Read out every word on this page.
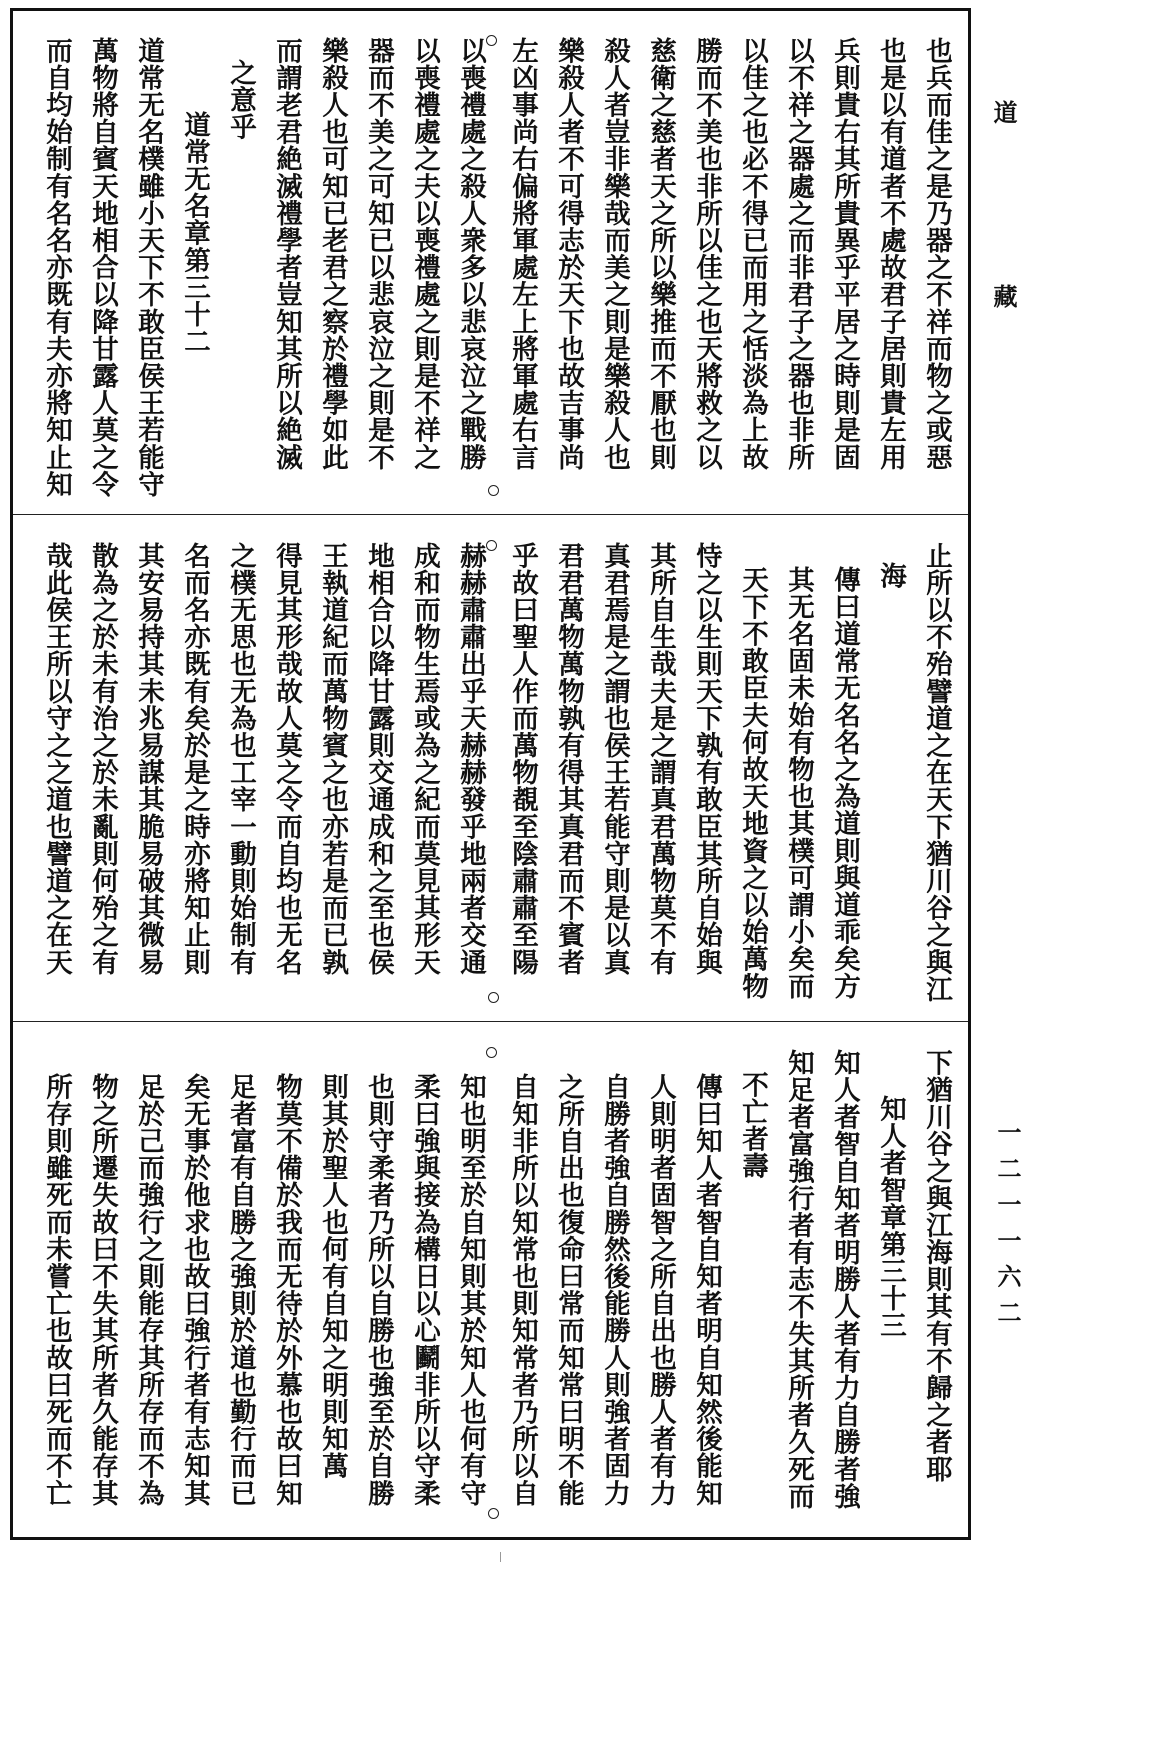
也兵而佳之是乃器之不祥而物之或惡
也是以有道者不處故君子居則貴左用
兵則貴右其所貴異乎平居之時則是固
以不祥之器處之而非君子之器也非所
以佳之也必不得已而用之恬淡為上故
勝而不美也非所以佳之也天將救之以
慈衛之慈者天之所以樂推而不厭也則
殺人者豈非樂哉而美之則是樂殺人也
樂殺人者不可得志於天下也故吉事尚
左凶事尚右偏將軍處左上將軍處右言
以喪禮處之殺人衆多以悲哀泣之戰勝
以喪禮處之夫以喪禮處之則是不祥之
器而不美之可知已以悲哀泣之則是不
樂殺人也可知已老君之察於禮學如此
而謂老君絶滅禮學者豈知其所以絶滅
之意乎
道常无名章第三十二
道常无名樸雖小天下不敢臣侯王若能守
萬物將自賓天地相合以降甘露人莫之令
而自均始制有名名亦既有夫亦將知止知
止所以不殆譬道之在天下猶川谷之與江
海
傳曰道常无名名之為道則與道乖矣方
其无名固未始有物也其樸可謂小矣而
天下不敢臣夫何故天地資之以始萬物
恃之以生則天下孰有敢臣其所自始與
其所自生哉夫是之謂真君萬物莫不有
真君焉是之謂也侯王若能守則是以真
君君萬物萬物孰有得其真君而不賓者
乎故曰聖人作而萬物覩至陰肅肅至陽
赫赫肅肅出乎天赫赫發乎地兩者交通
成和而物生焉或為之紀而莫見其形天
地相合以降甘露則交通成和之至也侯
王執道紀而萬物賓之也亦若是而已孰
得見其形哉故人莫之令而自均也无名
之樸无思也无為也工宰一動則始制有
名而名亦既有矣於是之時亦將知止則
其安易持其未兆易謀其脆易破其微易
散為之於未有治之於未亂則何殆之有
哉此侯王所以守之之道也譬道之在天
下猶川谷之與江海則其有不歸之者耶
知人者智章第三十三
知人者智自知者明勝人者有力自勝者強
知足者富強行者有志不失其所者久死而
不亡者壽
傳曰知人者智自知者明自知然後能知
人則明者固智之所自出也勝人者有力
自勝者強自勝然後能勝人則強者固力
之所自出也復命曰常而知常曰明不能
自知非所以知常也則知常者乃所以自
知也明至於自知則其於知人也何有守
柔曰強與接為構日以心鬬非所以守柔
也則守柔者乃所以自勝也強至於自勝
則其於聖人也何有自知之明則知萬
物莫不備於我而无待於外慕也故曰知
足者富有自勝之強則於道也勤行而已
矣无事於他求也故曰強行者有志知其
足於己而強行之則能存其所存而不為
物之所遷失故曰不失其所者久能存其
所存則雖死而未嘗亡也故曰死而不亡
道藏
一二一一六二
